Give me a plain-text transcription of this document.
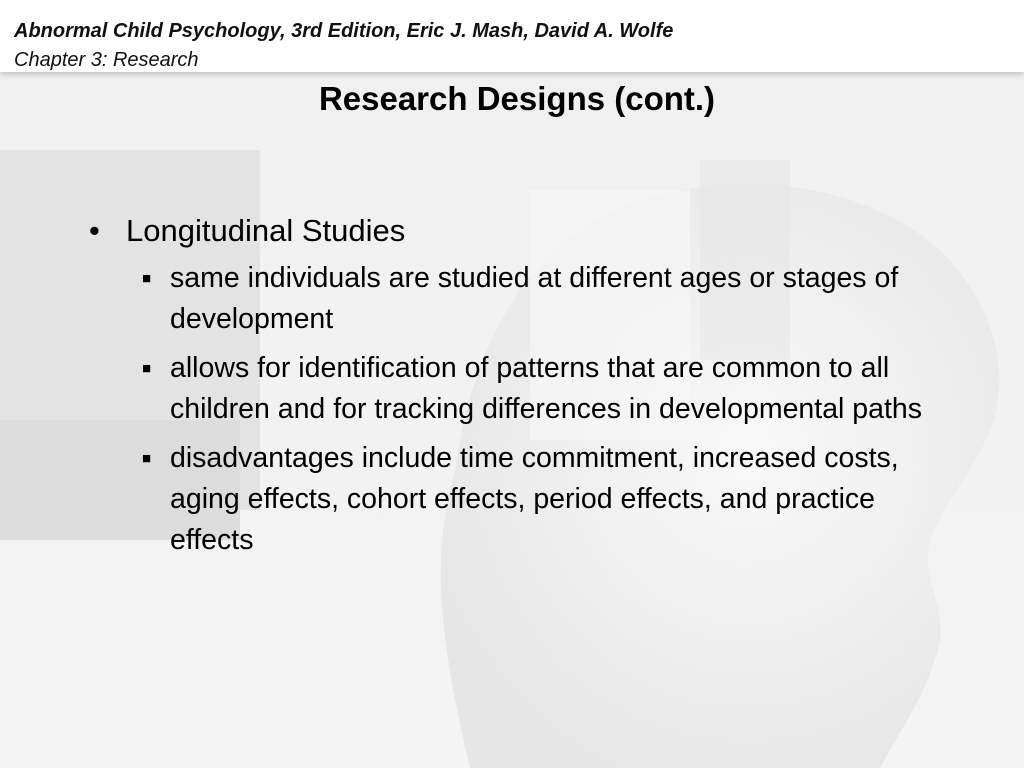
Abnormal Child Psychology, 3rd Edition, Eric J. Mash, David A. Wolfe
Chapter 3: Research
Research Designs (cont.)
• Longitudinal Studies
■ same individuals are studied at different ages or stages of development
■ allows for identification of patterns that are common to all children and for tracking differences in developmental paths
■ disadvantages include time commitment, increased costs, aging effects, cohort effects, period effects, and practice effects
